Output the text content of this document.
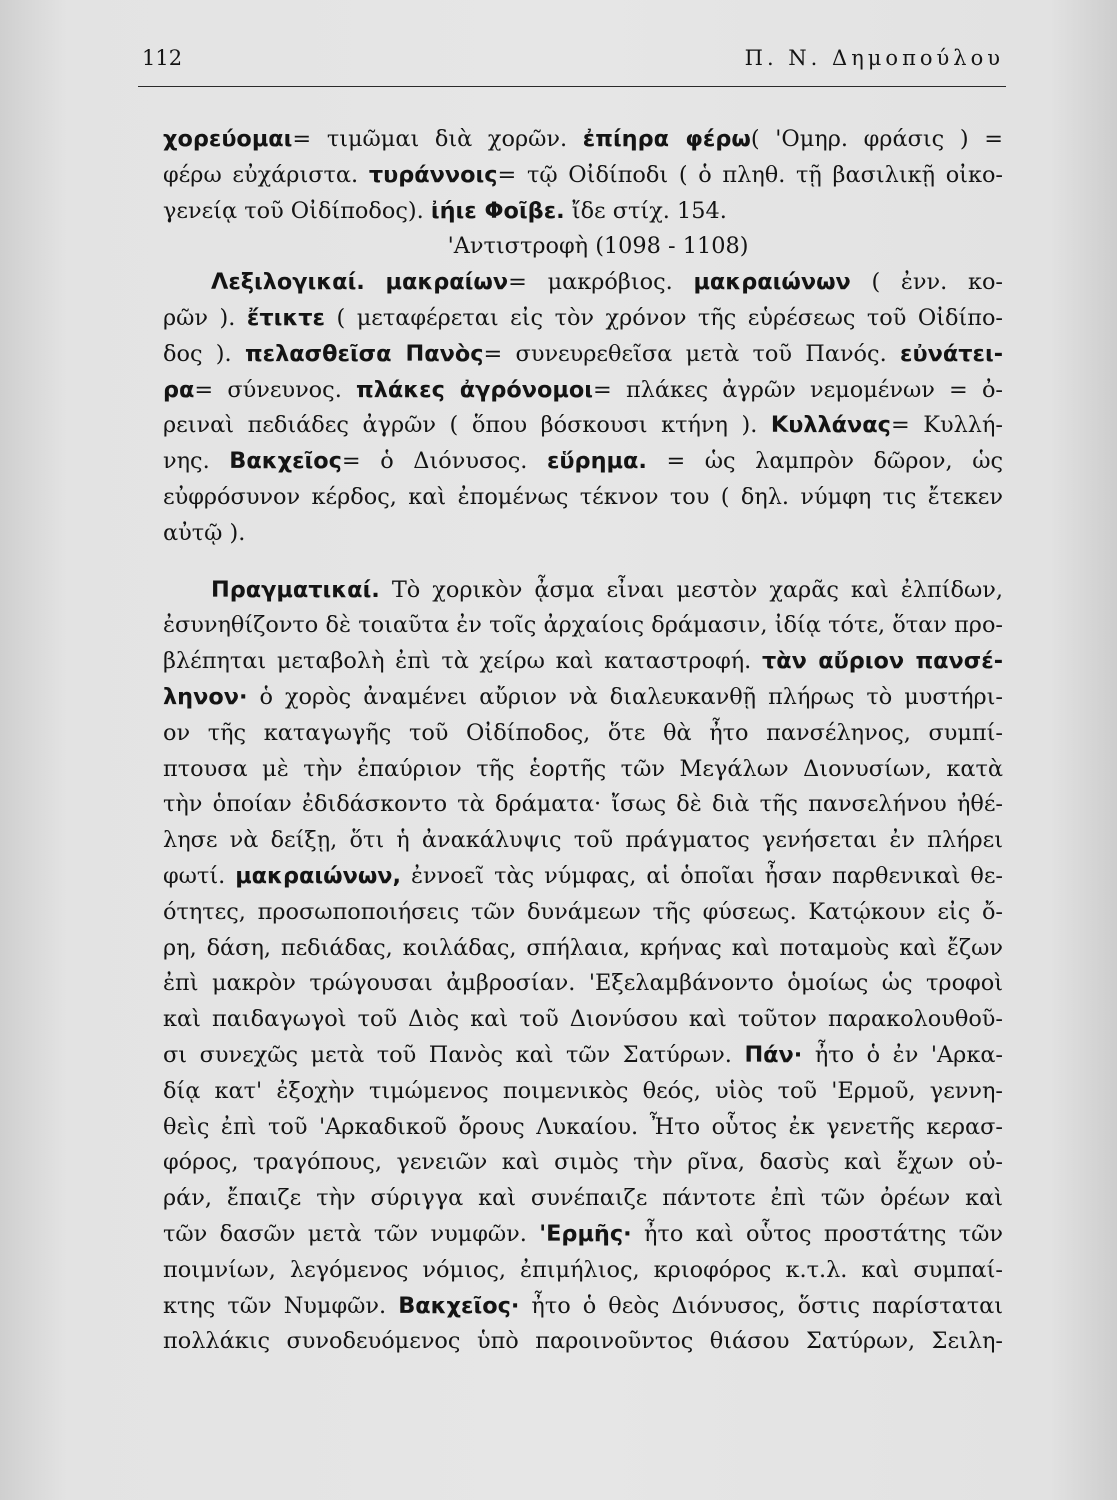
112	Π. Ν. Δημοπούλου
χορεύομαι= τιμῶμαι διὰ χορῶν. ἐπίηρα φέρω( 'Ομηρ. φράσις ) =
φέρω εὐχάριστα. τυράννοις= τῷ Οἰδίποδι ( ὁ πληθ. τῇ βασιλικῇ οἰκο-
γενείᾳ τοῦ Οἰδίποδος). ἰήιε Φοῖβε. ἴδε στίχ. 154.
'Αντιστροφὴ (1098 - 1108)
Λεξιλογικαί. μακραίων= μακρόβιος. μακραιώνων ( ἐνν. κο-
ρῶν ). ἔτικτε ( μεταφέρεται εἰς τὸν χρόνον τῆς εὑρέσεως τοῦ Οἰδίπο-
δος ). πελασθεῖσα Πανὸς= συνευρεθεῖσα μετὰ τοῦ Πανός. εὐνάτει-
ρα= σύνευνος. πλάκες ἀγρόνομοι= πλάκες ἀγρῶν νεμομένων = ὀ-
ρειναὶ πεδιάδες ἀγρῶν ( ὅπου βόσκουσι κτήνη ). Κυλλάνας= Κυλλή-
νης. Βακχεῖος= ὁ Διόνυσος. εὕρημα. = ὡς λαμπρὸν δῶρον, ὡς
εὐφρόσυνον κέρδος, καὶ ἐπομένως τέκνον του ( δηλ. νύμφη τις ἔτεκεν
αὐτῷ ).
Πραγματικαί. Τὸ χορικὸν ᾆσμα εἶναι μεστὸν χαρᾶς καὶ ἐλπίδων,
ἐσυνηθίζοντο δὲ τοιαῦτα ἐν τοῖς ἀρχαίοις δράμασιν, ἰδίᾳ τότε, ὅταν προ-
βλέπηται μεταβολὴ ἐπὶ τὰ χείρω καὶ καταστροφή. τὰν αὔριον πανσέ-
ληνον· ὁ χορὸς ἀναμένει αὔριον νὰ διαλευκανθῇ πλήρως τὸ μυστήρι-
ον τῆς καταγωγῆς τοῦ Οἰδίποδος, ὅτε θὰ ἦτο πανσέληνος, συμπί-
πτουσα μὲ τὴν ἐπαύριον τῆς ἑορτῆς τῶν Μεγάλων Διονυσίων, κατὰ
τὴν ὁποίαν ἐδιδάσκοντο τὰ δράματα· ἴσως δὲ διὰ τῆς πανσελήνου ἠθέ-
λησε νὰ δείξῃ, ὅτι ἡ ἀνακάλυψις τοῦ πράγματος γενήσεται ἐν πλήρει
φωτί. μακραιώνων, ἐννοεῖ τὰς νύμφας, αἱ ὁποῖαι ἦσαν παρθενικαὶ θε-
ότητες, προσωποποιήσεις τῶν δυνάμεων τῆς φύσεως. Κατῴκουν εἰς ὄ-
ρη, δάση, πεδιάδας, κοιλάδας, σπήλαια, κρήνας καὶ ποταμοὺς καὶ ἔζων
ἐπὶ μακρὸν τρώγουσαι ἀμβροσίαν. 'Εξελαμβάνοντο ὁμοίως ὡς τροφοὶ
καὶ παιδαγωγοὶ τοῦ Διὸς καὶ τοῦ Διονύσου καὶ τοῦτον παρακολουθοῦ-
σι συνεχῶς μετὰ τοῦ Πανὸς καὶ τῶν Σατύρων. Πάν· ἦτο ὁ ἐν 'Αρκα-
δίᾳ κατ' ἐξοχὴν τιμώμενος ποιμενικὸς θεός, υἱὸς τοῦ 'Ερμοῦ, γεννη-
θεὶς ἐπὶ τοῦ 'Αρκαδικοῦ ὄρους Λυκαίου. Ἦτο οὗτος ἐκ γενετῆς κερασ-
φόρος, τραγόπους, γενειῶν καὶ σιμὸς τὴν ρῖνα, δασὺς καὶ ἔχων οὐ-
ράν, ἔπαιζε τὴν σύριγγα καὶ συνέπαιζε πάντοτε ἐπὶ τῶν ὀρέων καὶ
τῶν δασῶν μετὰ τῶν νυμφῶν. 'Ερμῆς· ἦτο καὶ οὗτος προστάτης τῶν
ποιμνίων, λεγόμενος νόμιος, ἐπιμήλιος, κριοφόρος κ.τ.λ. καὶ συμπαί-
κτης τῶν Νυμφῶν. Βακχεῖος· ἦτο ὁ θεὸς Διόνυσος, ὅστις παρίσταται
πολλάκις συνοδευόμενος ὑπὸ παροινοῦντος θιάσου Σατύρων, Σειλη-
